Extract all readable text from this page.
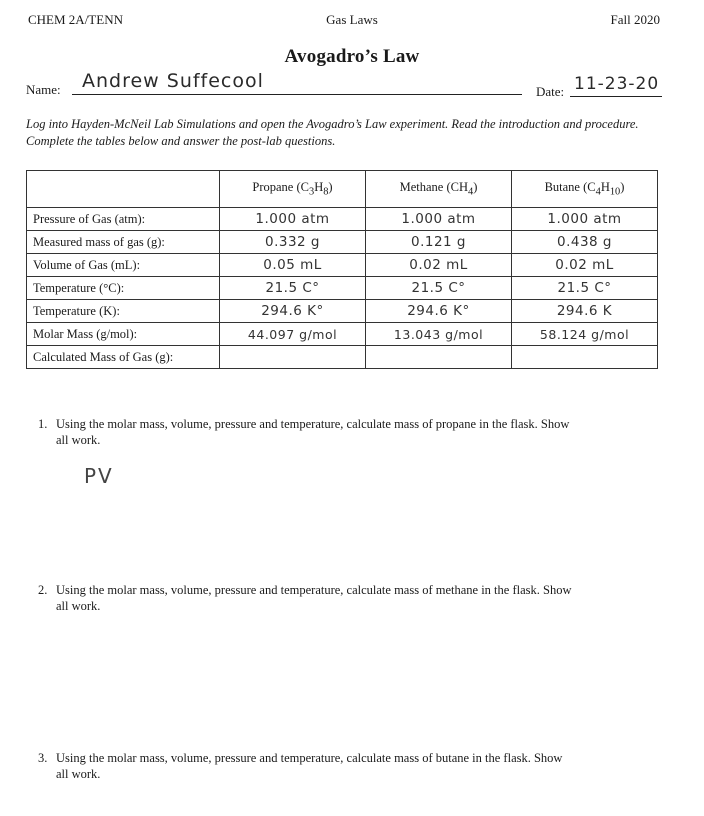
CHEM 2A/TENN	Gas Laws	Fall 2020
Avogadro’s Law
Name: Andrew Suffecool	Date: 11-23-20
Log into Hayden-McNeil Lab Simulations and open the Avogadro’s Law experiment. Read the introduction and procedure. Complete the tables below and answer the post-lab questions.
	Propane $(C_3H_8)$	Methane $(CH_4)$	Butane $(C_4H_{10})$
Pressure of Gas (atm):	1.000 atm	1.000 atm	1.000 atm
Measured mass of gas (g):	0.332 g	0.121 g	0.438 g
Volume of Gas (mL):	0.05 mL	0.02 mL	0.02 mL
Temperature (°C):	21.5 C°	21.5 C°	21.5 C°
Temperature (K):	294.6 K°	294.6 K°	294.6 K
Molar Mass (g/mol):	44.097 g/mol	13.043 g/mol	58.124 g/mol
Calculated Mass of Gas (g):			
1. Using the molar mass, volume, pressure and temperature, calculate mass of propane in the flask. Show
all work.
PV
2. Using the molar mass, volume, pressure and temperature, calculate mass of methane in the flask. Show
all work.
3. Using the molar mass, volume, pressure and temperature, calculate mass of butane in the flask. Show
all work.
